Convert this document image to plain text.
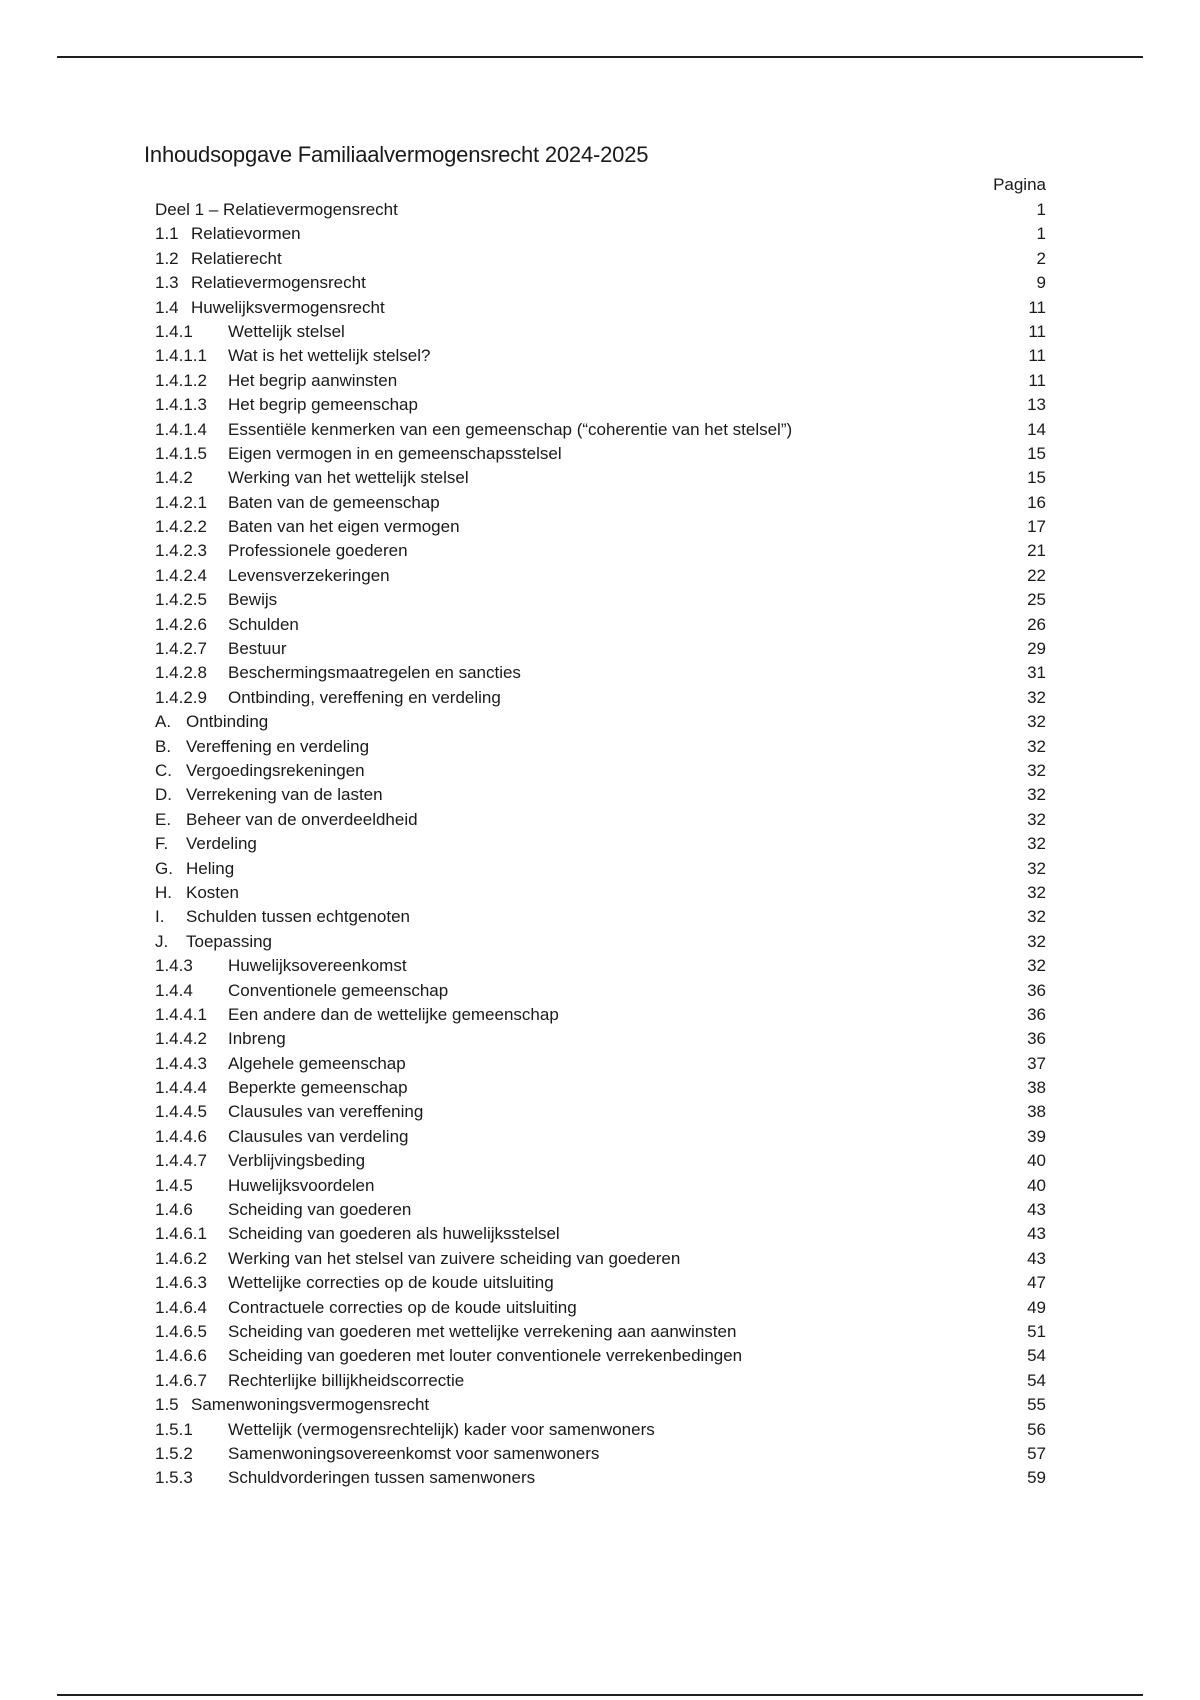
Inhoudsopgave Familiaalvermogensrecht 2024-2025
Pagina
Deel 1 – Relatievermogensrecht	1
1.1 Relatievormen	1
1.2 Relatierecht	2
1.3 Relatievermogensrecht	9
1.4 Huwelijksvermogensrecht	11
1.4.1 Wettelijk stelsel	11
1.4.1.1 Wat is het wettelijk stelsel?	11
1.4.1.2 Het begrip aanwinsten	11
1.4.1.3 Het begrip gemeenschap	13
1.4.1.4 Essentiële kenmerken van een gemeenschap (“coherentie van het stelsel”)	14
1.4.1.5 Eigen vermogen in en gemeenschapsstelsel	15
1.4.2 Werking van het wettelijk stelsel	15
1.4.2.1 Baten van de gemeenschap	16
1.4.2.2 Baten van het eigen vermogen	17
1.4.2.3 Professionele goederen	21
1.4.2.4 Levensverzekeringen	22
1.4.2.5 Bewijs	25
1.4.2.6 Schulden	26
1.4.2.7 Bestuur	29
1.4.2.8 Beschermingsmaatregelen en sancties	31
1.4.2.9 Ontbinding, vereffening en verdeling	32
A. Ontbinding	32
B. Vereffening en verdeling	32
C. Vergoedingsrekeningen	32
D. Verrekening van de lasten	32
E. Beheer van de onverdeeldheid	32
F. Verdeling	32
G. Heling	32
H. Kosten	32
I. Schulden tussen echtgenoten	32
J. Toepassing	32
1.4.3 Huwelijksovereenkomst	32
1.4.4 Conventionele gemeenschap	36
1.4.4.1 Een andere dan de wettelijke gemeenschap	36
1.4.4.2 Inbreng	36
1.4.4.3 Algehele gemeenschap	37
1.4.4.4 Beperkte gemeenschap	38
1.4.4.5 Clausules van vereffening	38
1.4.4.6 Clausules van verdeling	39
1.4.4.7 Verblijvingsbeding	40
1.4.5 Huwelijksvoordelen	40
1.4.6 Scheiding van goederen	43
1.4.6.1 Scheiding van goederen als huwelijksstelsel	43
1.4.6.2 Werking van het stelsel van zuivere scheiding van goederen	43
1.4.6.3 Wettelijke correcties op de koude uitsluiting	47
1.4.6.4 Contractuele correcties op de koude uitsluiting	49
1.4.6.5 Scheiding van goederen met wettelijke verrekening aan aanwinsten	51
1.4.6.6 Scheiding van goederen met louter conventionele verrekenbedingen	54
1.4.6.7 Rechterlijke billijkheidscorrectie	54
1.5 Samenwoningsvermogensrecht	55
1.5.1 Wettelijk (vermogensrechtelijk) kader voor samenwoners	56
1.5.2 Samenwoningsovereenkomst voor samenwoners	57
1.5.3 Schuldvorderingen tussen samenwoners	59
